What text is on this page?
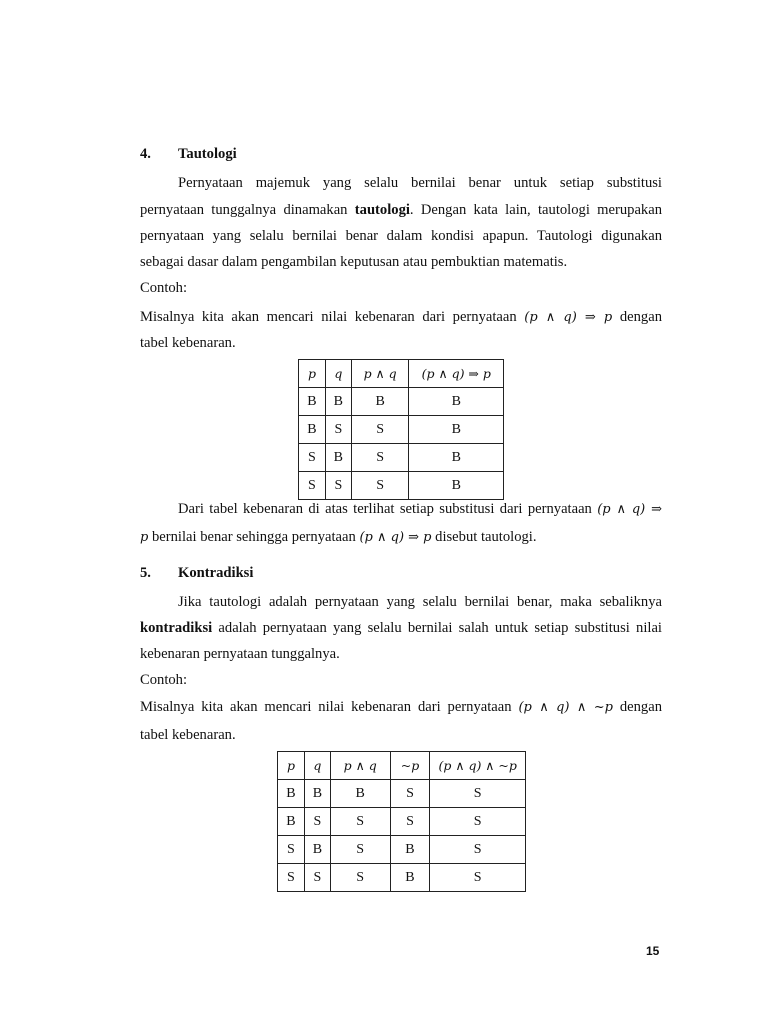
4. Tautologi
Pernyataan majemuk yang selalu bernilai benar untuk setiap substitusi
pernyataan tunggalnya dinamakan tautologi. Dengan kata lain, tautologi merupakan
pernyataan yang selalu bernilai benar dalam kondisi apapun. Tautologi digunakan
sebagai dasar dalam pengambilan keputusan atau pembuktian matematis.
Contoh:
Misalnya kita akan mencari nilai kebenaran dari pernyataan (p ∧ q) ⇒ p dengan
tabel kebenaran.
p	q	p ∧ q	(p ∧ q) ⇒ p
B	B	B	B
B	S	S	B
S	B	S	B
S	S	S	B
Dari tabel kebenaran di atas terlihat setiap substitusi dari pernyataan (p ∧ q) ⇒
p bernilai benar sehingga pernyataan (p ∧ q) ⇒ p disebut tautologi.
5. Kontradiksi
Jika tautologi adalah pernyataan yang selalu bernilai benar, maka sebaliknya
kontradiksi adalah pernyataan yang selalu bernilai salah untuk setiap substitusi nilai
kebenaran pernyataan tunggalnya.
Contoh:
Misalnya kita akan mencari nilai kebenaran dari pernyataan (p ∧ q) ∧ ~p dengan
tabel kebenaran.
p	q	p ∧ q	~p	(p ∧ q) ∧ ~p
B	B	B	S	S
B	S	S	S	S
S	B	S	B	S
S	S	S	B	S
15
